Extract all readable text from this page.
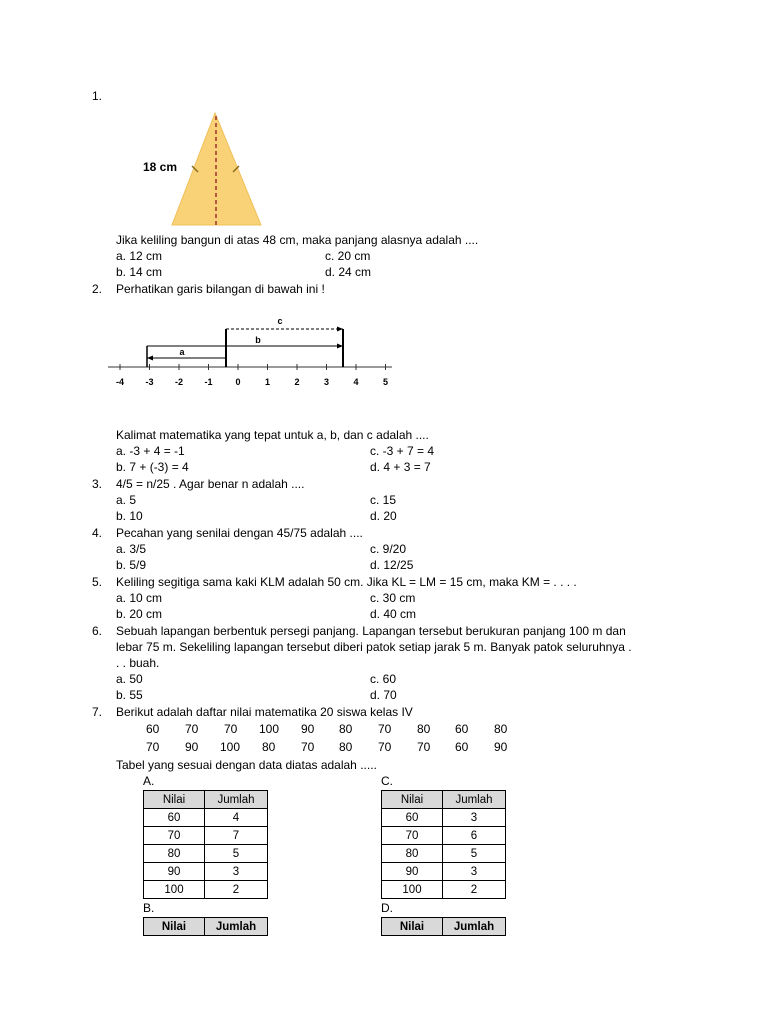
1.
18 cm
Jika keliling bangun di atas 48 cm, maka panjang alasnya adalah ....
a. 12 cm	c. 20 cm
b. 14 cm	d. 24 cm
2. Perhatikan garis bilangan di bawah ini !
-4 -3 -2 -1	0	1	2	3	4	5
c
b
a
Kalimat matematika yang tepat untuk a, b, dan c adalah ....
a. -3 + 4 = -1	c. -3 + 7 = 4
b. 7 + (-3) = 4	d. 4 + 3 = 7
3. 4/5 = n/25 . Agar benar n adalah ....
a. 5	c. 15
b. 10	d. 20
4. Pecahan yang senilai dengan 45/75 adalah ....
a. 3/5	c. 9/20
b. 5/9	d. 12/25
5. Keliling segitiga sama kaki KLM adalah 50 cm. Jika KL = LM = 15 cm, maka KM = . . . .
a. 10 cm	c. 30 cm
b. 20 cm	d. 40 cm
6. Sebuah lapangan berbentuk persegi panjang. Lapangan tersebut berukuran panjang 100 m dan
lebar 75 m. Sekeliling lapangan tersebut diberi patok setiap jarak 5 m. Banyak patok seluruhnya .
. . buah.
a. 50	c. 60
b. 55	d. 70
7. Berikut adalah daftar nilai matematika 20 siswa kelas IV
60 70 70 100 90 80 70 80 60 80
70 90 100 80 70 80 70 70 60 90
Tabel yang sesuai dengan data diatas adalah .....
A.
Nilai	Jumlah
60	4
70	7
80	5
90	3
100	2
C.
Nilai	Jumlah
60	3
70	6
80	5
90	3
100	2
B.
Nilai	Jumlah
D.
Nilai	Jumlah
